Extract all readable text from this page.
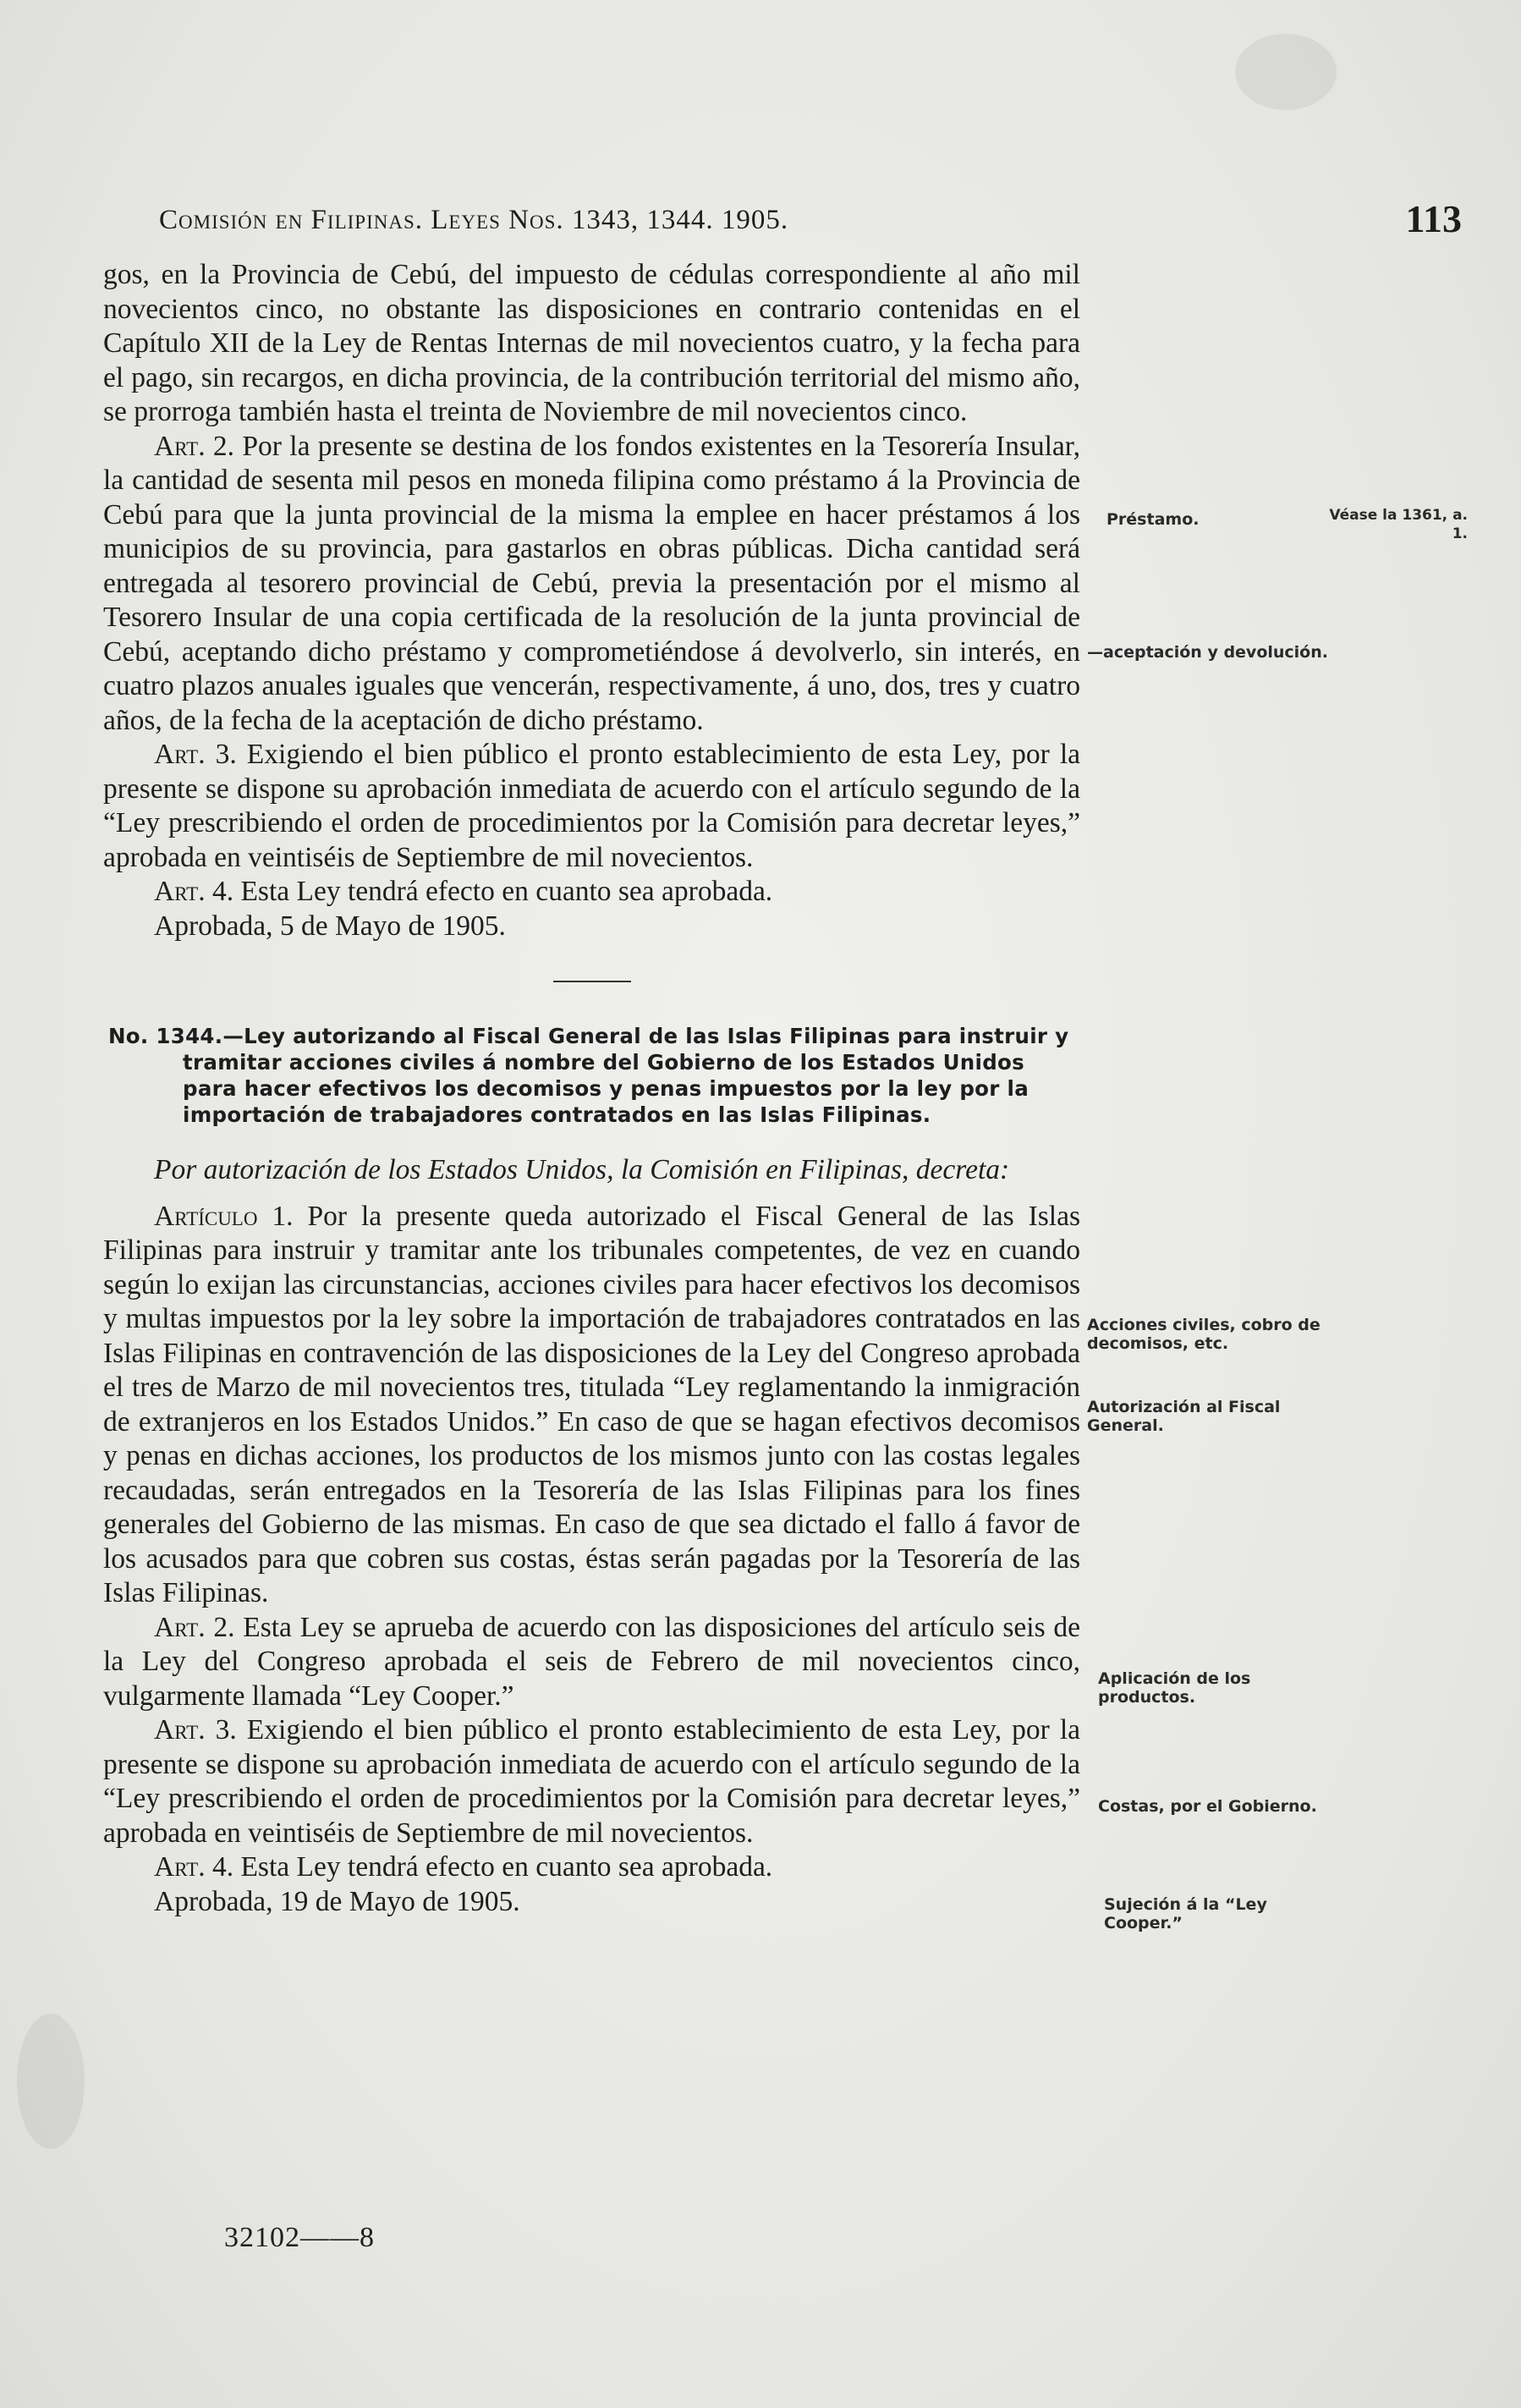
Comisión en Filipinas. Leyes Nos. 1343, 1344. 1905.	113

gos, en la Provincia de Cebú, del impuesto de cédulas correspondiente al año mil novecientos cinco, no obstante las disposiciones en contrario contenidas en el Capítulo XII de la Ley de Rentas Internas de mil novecientos cuatro, y la fecha para el pago, sin recargos, en dicha provincia, de la contribución territorial del mismo año, se prorroga también hasta el treinta de Noviembre de mil novecientos cinco.

Art. 2. Por la presente se destina de los fondos existentes en la Tesorería Insular, la cantidad de sesenta mil pesos en moneda filipina como préstamo á la Provincia de Cebú para que la junta provincial de la misma la emplee en hacer préstamos á los municipios de su provincia, para gastarlos en obras públicas. Dicha cantidad será entregada al tesorero provincial de Cebú, previa la presentación por el mismo al Tesorero Insular de una copia certificada de la resolución de la junta provincial de Cebú, aceptando dicho préstamo y comprometiéndose á devolverlo, sin interés, en cuatro plazos anuales iguales que vencerán, respectivamente, á uno, dos, tres y cuatro años, de la fecha de la aceptación de dicho préstamo.

Art. 3. Exigiendo el bien público el pronto establecimiento de esta Ley, por la presente se dispone su aprobación inmediata de acuerdo con el artículo segundo de la “Ley prescribiendo el orden de procedimientos por la Comisión para decretar leyes,” aprobada en veintiséis de Septiembre de mil novecientos.

Art. 4. Esta Ley tendrá efecto en cuanto sea aprobada.

Aprobada, 5 de Mayo de 1905.

No. 1344.—Ley autorizando al Fiscal General de las Islas Filipinas para instruir y tramitar acciones civiles á nombre del Gobierno de los Estados Unidos para hacer efectivos los decomisos y penas impuestos por la ley por la importación de trabajadores contratados en las Islas Filipinas.

Por autorización de los Estados Unidos, la Comisión en Filipinas, decreta:

Artículo 1. Por la presente queda autorizado el Fiscal General de las Islas Filipinas para instruir y tramitar ante los tribunales competentes, de vez en cuando según lo exijan las circunstancias, acciones civiles para hacer efectivos los decomisos y multas impuestos por la ley sobre la importación de trabajadores contratados en las Islas Filipinas en contravención de las disposiciones de la Ley del Congreso aprobada el tres de Marzo de mil novecientos tres, titulada “Ley reglamentando la inmigración de extranjeros en los Estados Unidos.” En caso de que se hagan efectivos decomisos y penas en dichas acciones, los productos de los mismos junto con las costas legales recaudadas, serán entregados en la Tesorería de las Islas Filipinas para los fines generales del Gobierno de las mismas. En caso de que sea dictado el fallo á favor de los acusados para que cobren sus costas, éstas serán pagadas por la Tesorería de las Islas Filipinas.

Art. 2. Esta Ley se aprueba de acuerdo con las disposiciones del artículo seis de la Ley del Congreso aprobada el seis de Febrero de mil novecientos cinco, vulgarmente llamada “Ley Cooper.”

Art. 3. Exigiendo el bien público el pronto establecimiento de esta Ley, por la presente se dispone su aprobación inmediata de acuerdo con el artículo segundo de la “Ley prescribiendo el orden de procedimientos por la Comisión para decretar leyes,” aprobada en veintiséis de Septiembre de mil novecientos.

Art. 4. Esta Ley tendrá efecto en cuanto sea aprobada.

Aprobada, 19 de Mayo de 1905.

Préstamo.	Véase la 1361, a. 1.
—aceptación y devolución.
Acciones civiles, cobro de decomisos, etc.
Autorización al Fiscal General.
Aplicación de los productos.
Costas, por el Gobierno.
Sujeción á la “Ley Cooper.”
32102——8
